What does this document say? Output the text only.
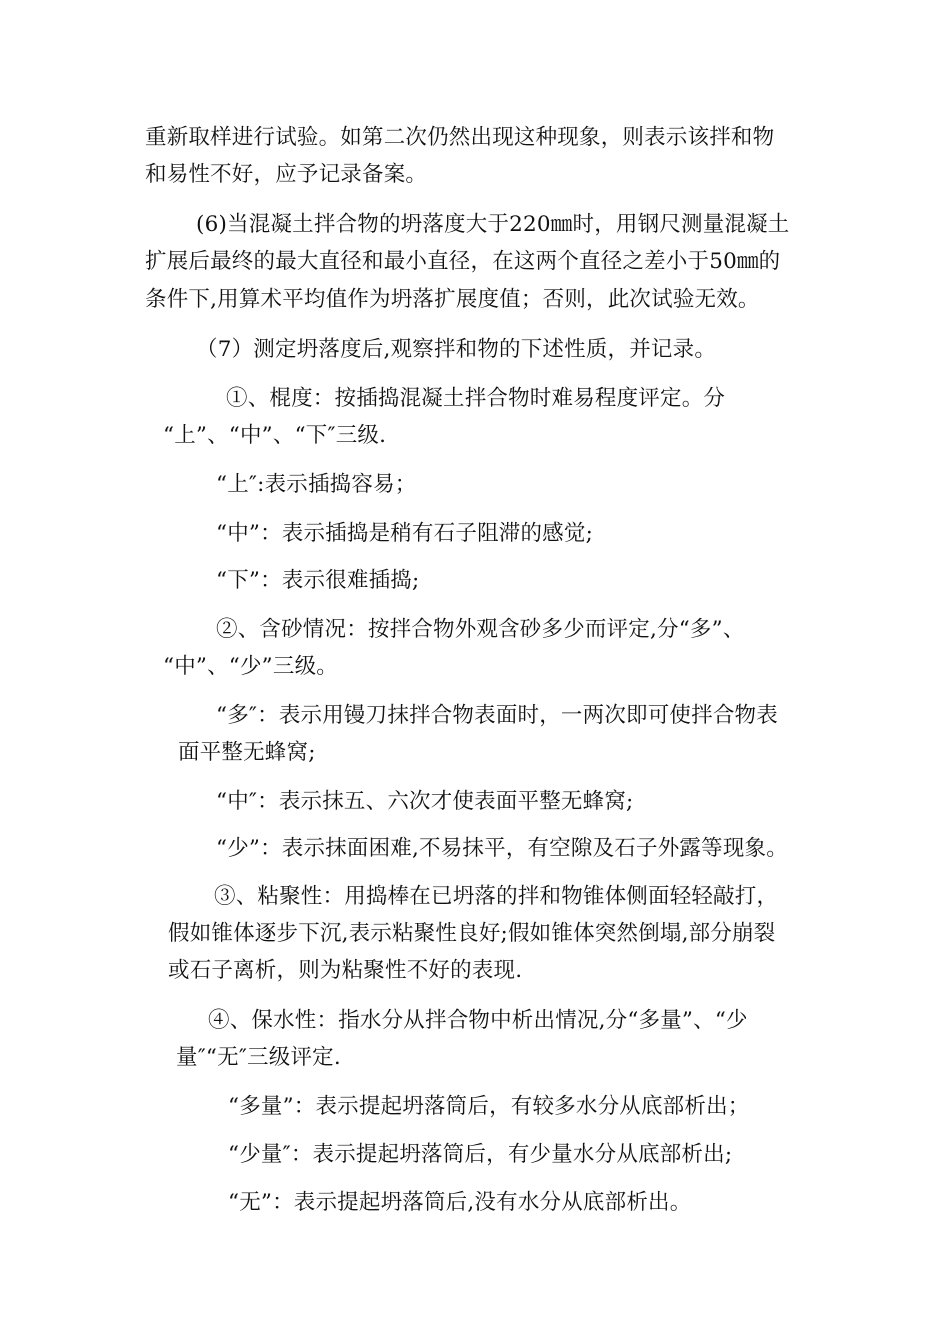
重新取样进行试验。如第二次仍然出现这种现象，则表示该拌和物

和易性不好，应予记录备案。

(6)当混凝土拌合物的坍落度大于220㎜时，用钢尺测量混凝土

扩展后最终的最大直径和最小直径，在这两个直径之差小于50㎜的

条件下,用算术平均值作为坍落扩展度值；否则，此次试验无效。

（7）测定坍落度后,观察拌和物的下述性质，并记录。

①、棍度：按插捣混凝土拌合物时难易程度评定。分

“上”、“中”、“下″三级.

“上″:表示插捣容易；

“中”：表示插捣是稍有石子阻滞的感觉;

“下”：表示很难插捣;

②、含砂情况：按拌合物外观含砂多少而评定,分“多”、

“中”、“少”三级。

“多″：表示用镘刀抹拌合物表面时，一两次即可使拌合物表

面平整无蜂窝;

“中″：表示抹五、六次才使表面平整无蜂窝;

“少”：表示抹面困难,不易抹平，有空隙及石子外露等现象。

③、粘聚性：用捣棒在已坍落的拌和物锥体侧面轻轻敲打，

假如锥体逐步下沉,表示粘聚性良好;假如锥体突然倒塌,部分崩裂

或石子离析，则为粘聚性不好的表现.

④、保水性：指水分从拌合物中析出情况,分“多量”、“少

量″“无″三级评定.

“多量”：表示提起坍落筒后，有较多水分从底部析出；

“少量″：表示提起坍落筒后，有少量水分从底部析出;

“无”：表示提起坍落筒后,没有水分从底部析出。
